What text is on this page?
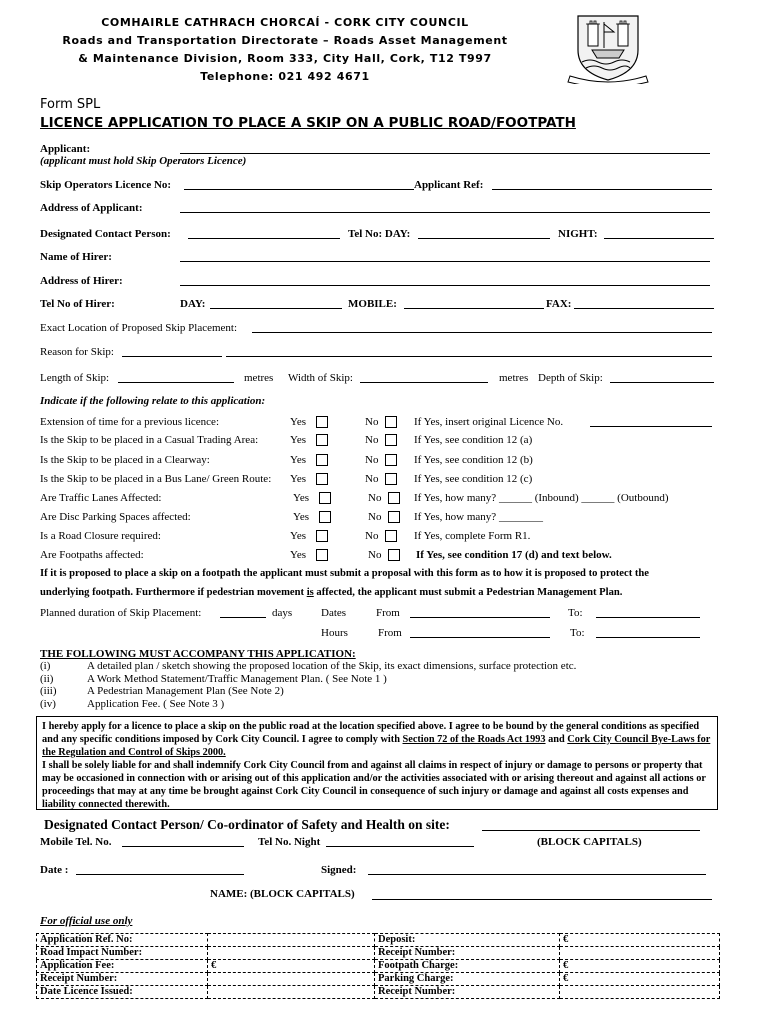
COMHAIRLE CATHRACH CHORCAÍ - CORK CITY COUNCIL
Roads and Transportation Directorate – Roads Asset Management
& Maintenance Division, Room 333, City Hall, Cork, T12 T997
Telephone: 021 492 4671
Form SPL
LICENCE APPLICATION TO PLACE A SKIP ON A PUBLIC ROAD/FOOTPATH
Applicant:
(applicant must hold Skip Operators Licence)
Skip Operators Licence No:	Applicant Ref:
Address of Applicant:
Designated Contact Person:	Tel No: DAY:	NIGHT:
Name of Hirer:
Address of Hirer:
Tel No of Hirer:	DAY:	MOBILE:	FAX:
Exact Location of Proposed Skip Placement:
Reason for Skip:
Length of Skip:	metres Width of Skip:	metres Depth of Skip:
Indicate if the following relate to this application:
Extension of time for a previous licence:	Yes	No	If Yes, insert original Licence No.
Is the Skip to be placed in a Casual Trading Area:	Yes	No	If Yes, see condition 12 (a)
Is the Skip to be placed in a Clearway:	Yes	No	If Yes, see condition 12 (b)
Is the Skip to be placed in a Bus Lane/ Green Route: Yes	No	If Yes, see condition 12 (c)
Are Traffic Lanes Affected:	Yes	No	If Yes, how many? ______ (Inbound) ______ (Outbound)
Are Disc Parking Spaces affected:	Yes	No	If Yes, how many? ________
Is a Road Closure required:	Yes	No	If Yes, complete Form R1.
Are Footpaths affected:	Yes	No	If Yes, see condition 17 (d) and text below.
If it is proposed to place a skip on a footpath the applicant must submit a proposal with this form as to how it is proposed to protect the
underlying footpath. Furthermore if pedestrian movement is affected, the applicant must submit a Pedestrian Management Plan.
Planned duration of Skip Placement:	days	Dates	From	To:
Hours	From	To:
THE FOLLOWING MUST ACCOMPANY THIS APPLICATION:
(i)	A detailed plan / sketch showing the proposed location of the Skip, its exact dimensions, surface protection etc.
(ii)	A Work Method Statement/Traffic Management Plan. ( See Note 1 )
(iii)	A Pedestrian Management Plan (See Note 2)
(iv)	Application Fee. ( See Note 3 )
I hereby apply for a licence to place a skip on the public road at the location specified above. I agree to be bound by the general conditions as specified and any specific conditions imposed by Cork City Council. I agree to comply with Section 72 of the Roads Act 1993 and Cork City Council Bye-Laws for the Regulation and Control of Skips 2000.
I shall be solely liable for and shall indemnify Cork City Council from and against all claims in respect of injury or damage to persons or property that may be occasioned in connection with or arising out of this application and/or the activities associated with or arising thereout and against all actions or proceedings that may at any time be brought against Cork City Council in consequence of such injury or damage and against all costs expenses and liability connected therewith.
Designated Contact Person/ Co-ordinator of Safety and Health on site:
Mobile Tel. No.	Tel No. Night	(BLOCK CAPITALS)
Date :	Signed:
NAME: (BLOCK CAPITALS)
For official use only
Application Ref. No:		Deposit:	€
Road Impact Number:		Receipt Number:	
Application Fee:	€	Footpath Charge:	€
Receipt Number:		Parking Charge:	€
Date Licence Issued:		Receipt Number:	
